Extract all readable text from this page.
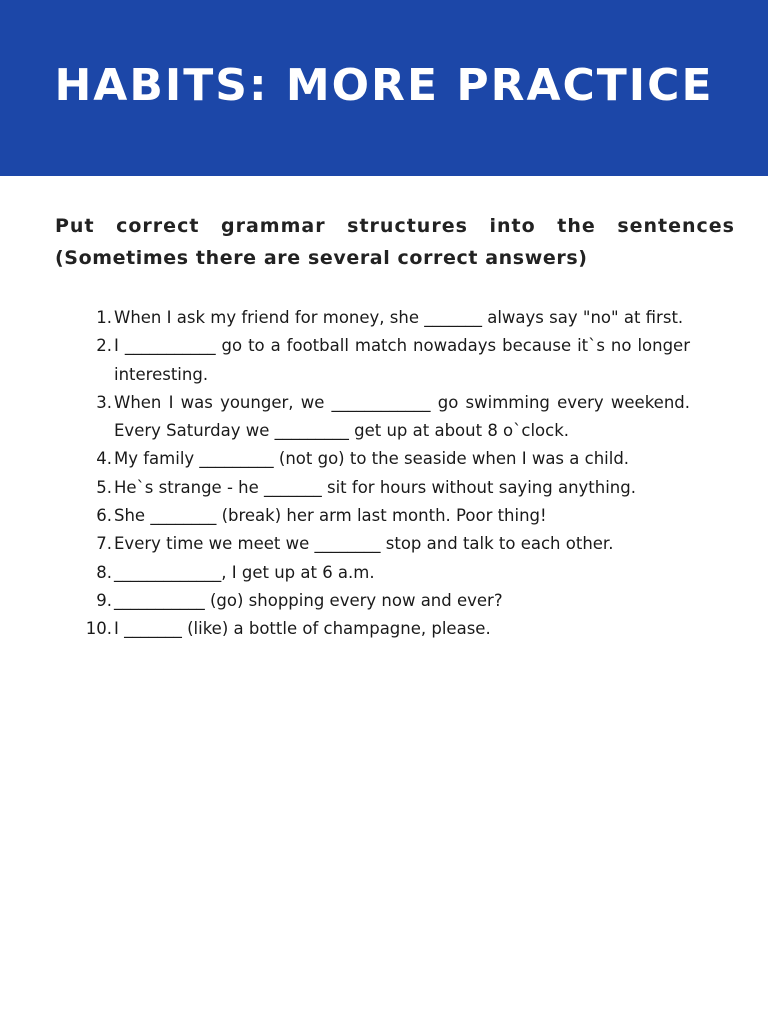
HABITS: MORE PRACTICE
Put correct grammar structures into the sentences
(Sometimes there are several correct answers)
1. When I ask my friend for money, she _______ always say "no" at first.
2. I ___________ go to a football match nowadays because it`s no longer interesting.
3. When I was younger, we ____________ go swimming every weekend. Every Saturday we _________ get up at about 8 o`clock.
4. My family _________ (not go) to the seaside when I was a child.
5. He`s strange - he _______ sit for hours without saying anything.
6. She ________ (break) her arm last month. Poor thing!
7. Every time we meet we ________ stop and talk to each other.
8. _____________, I get up at 6 a.m.
9. ___________ (go) shopping every now and ever?
10. I _______ (like) a bottle of champagne, please.
